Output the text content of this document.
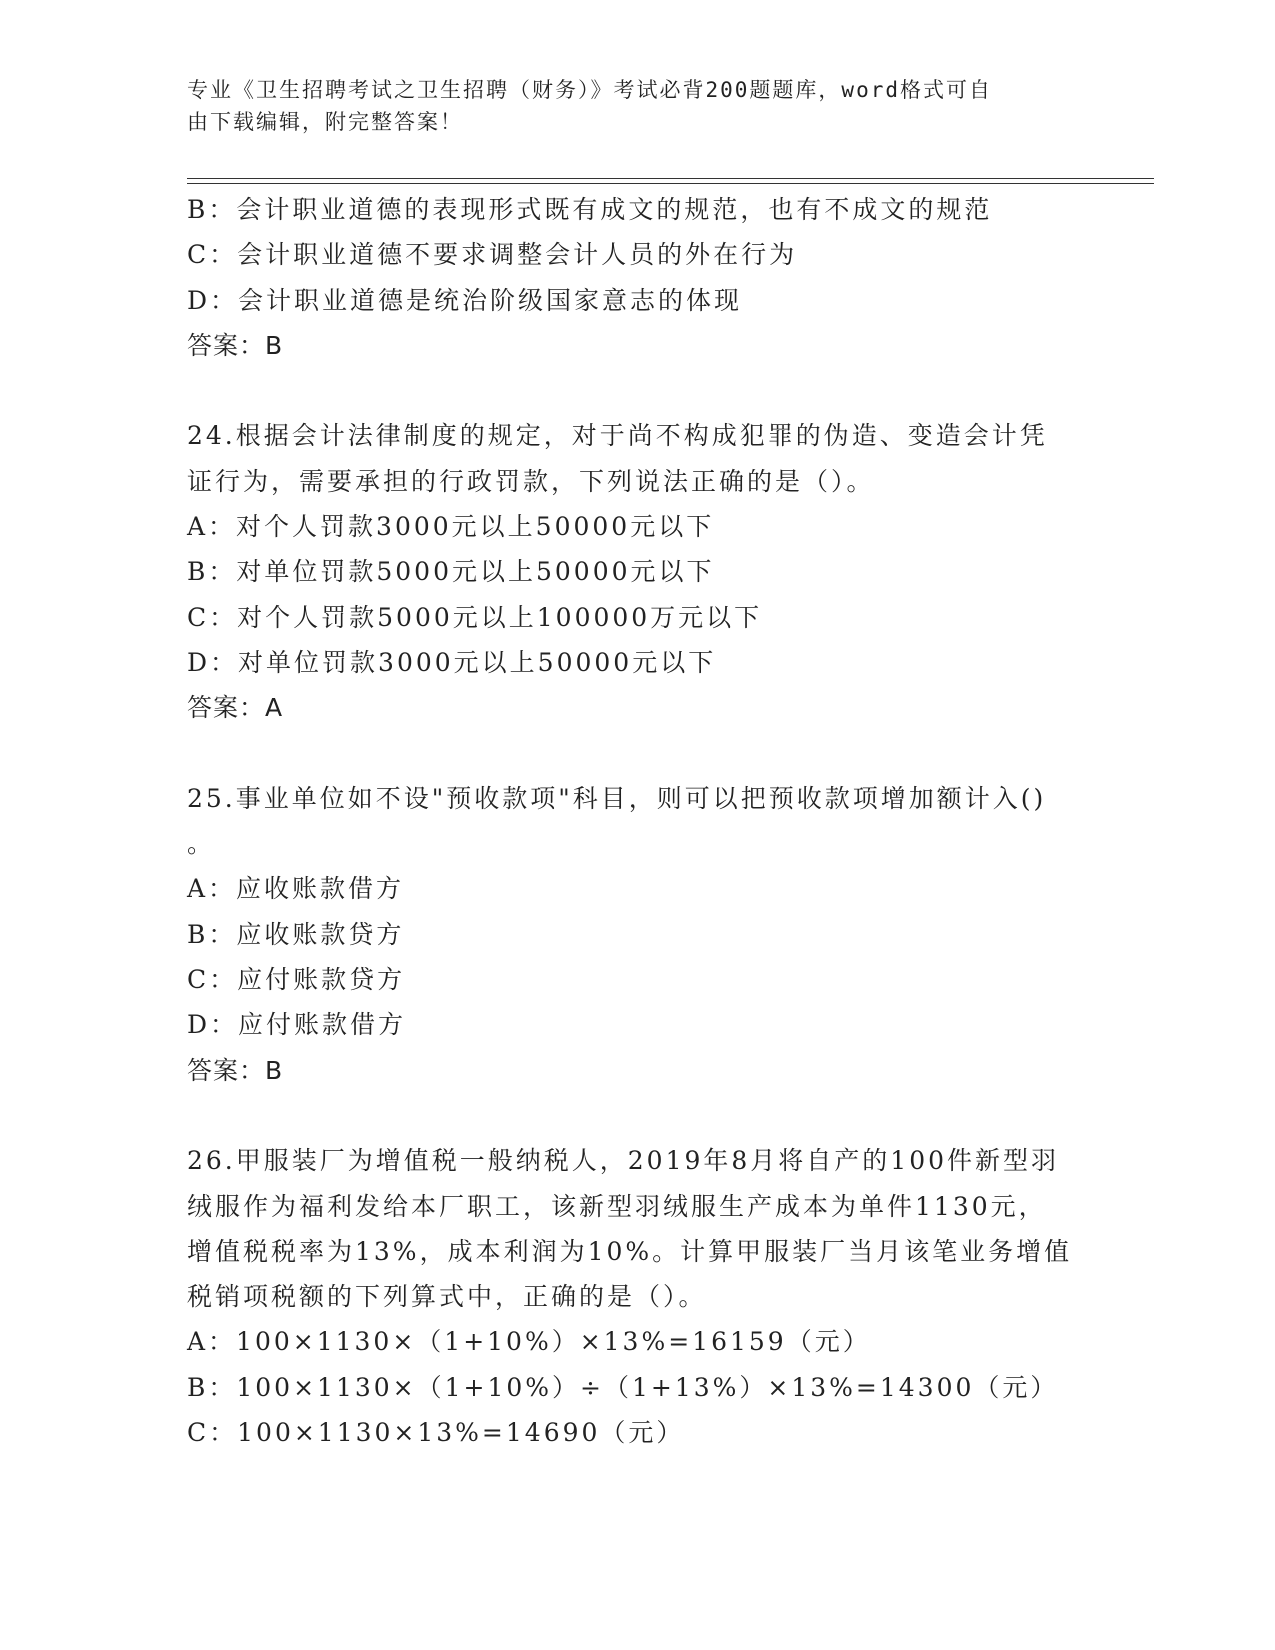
专业《卫生招聘考试之卫生招聘（财务）》考试必背200题题库，word格式可自
由下载编辑，附完整答案！
B：会计职业道德的表现形式既有成文的规范，也有不成文的规范
C：会计职业道德不要求调整会计人员的外在行为
D：会计职业道德是统治阶级国家意志的体现
答案：B
24.根据会计法律制度的规定，对于尚不构成犯罪的伪造、变造会计凭
证行为，需要承担的行政罚款，下列说法正确的是（）。
A：对个人罚款3000元以上50000元以下
B：对单位罚款5000元以上50000元以下
C：对个人罚款5000元以上100000万元以下
D：对单位罚款3000元以上50000元以下
答案：A
25.事业单位如不设"预收款项"科目，则可以把预收款项增加额计入()
。
A：应收账款借方
B：应收账款贷方
C：应付账款贷方
D：应付账款借方
答案：B
26.甲服装厂为增值税一般纳税人，2019年8月将自产的100件新型羽
绒服作为福利发给本厂职工，该新型羽绒服生产成本为单件1130元，
增值税税率为13%，成本利润为10%。计算甲服装厂当月该笔业务增值
税销项税额的下列算式中，正确的是（）。
A：100×1130×（1+10%）×13%=16159（元）
B：100×1130×（1+10%）÷（1+13%）×13%=14300（元）
C：100×1130×13%=14690（元）
